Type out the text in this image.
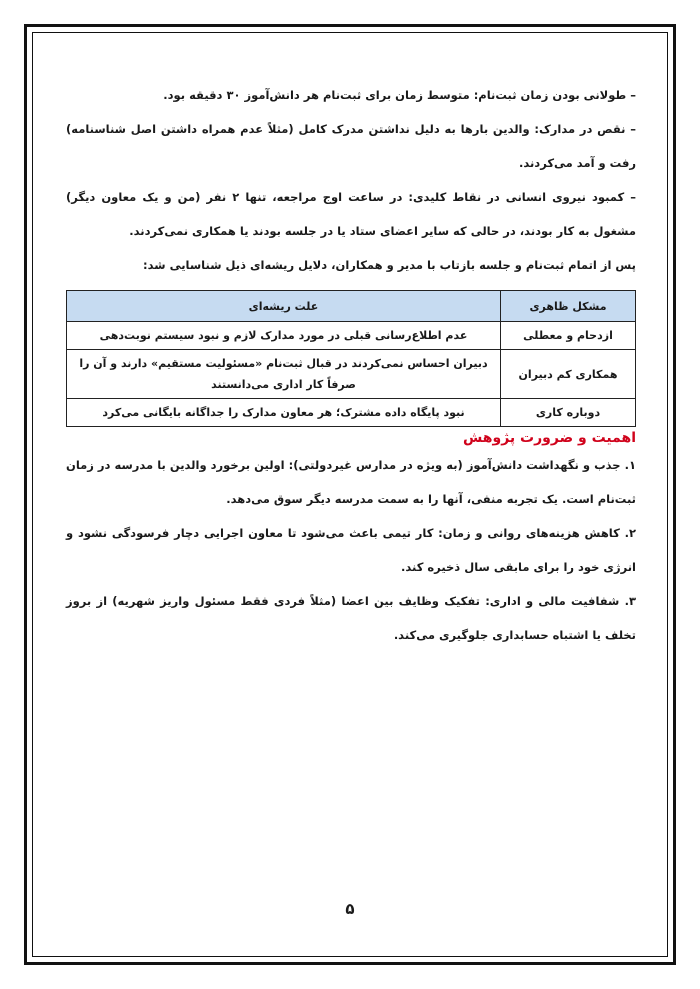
– طولانی بودن زمان ثبت‌نام: متوسط زمان برای ثبت‌نام هر دانش‌آموز ۳۰ دقیقه بود.

– نقص در مدارک: والدین بارها به دلیل نداشتن مدرک کامل (مثلاً عدم همراه داشتن اصل شناسنامه) رفت و آمد می‌کردند.

– کمبود نیروی انسانی در نقاط کلیدی: در ساعت اوج مراجعه، تنها ۲ نفر (من و یک معاون دیگر) مشغول به کار بودند، در حالی که سایر اعضای ستاد یا در جلسه بودند یا همکاری نمی‌کردند.

پس از اتمام ثبت‌نام و جلسه بازتاب با مدیر و همکاران، دلایل ریشه‌ای ذیل شناسایی شد:

مشکل ظاهری	علت ریشه‌ای
ازدحام و معطلی	عدم اطلاع‌رسانی قبلی در مورد مدارک لازم و نبود سیستم نوبت‌دهی
همکاری کم دبیران	دبیران احساس نمی‌کردند در قبال ثبت‌نام «مسئولیت مستقیم» دارند و آن را صرفاً کار اداری می‌دانستند
دوباره کاری	نبود پایگاه داده مشترک؛ هر معاون مدارک را جداگانه بایگانی می‌کرد
اهمیت و ضرورت پژوهش

۱. جذب و نگهداشت دانش‌آموز (به ویژه در مدارس غیردولتی): اولین برخورد والدین با مدرسه در زمان ثبت‌نام است. یک تجربه منفی، آنها را به سمت مدرسه دیگر سوق می‌دهد.

۲. کاهش هزینه‌های روانی و زمان: کار تیمی باعث می‌شود تا معاون اجرایی دچار فرسودگی نشود و انرژی خود را برای مابقی سال ذخیره کند.

۳. شفافیت مالی و اداری: تفکیک وظایف بین اعضا (مثلاً فردی فقط مسئول واریز شهریه) از بروز تخلف یا اشتباه حسابداری جلوگیری می‌کند.

۵
